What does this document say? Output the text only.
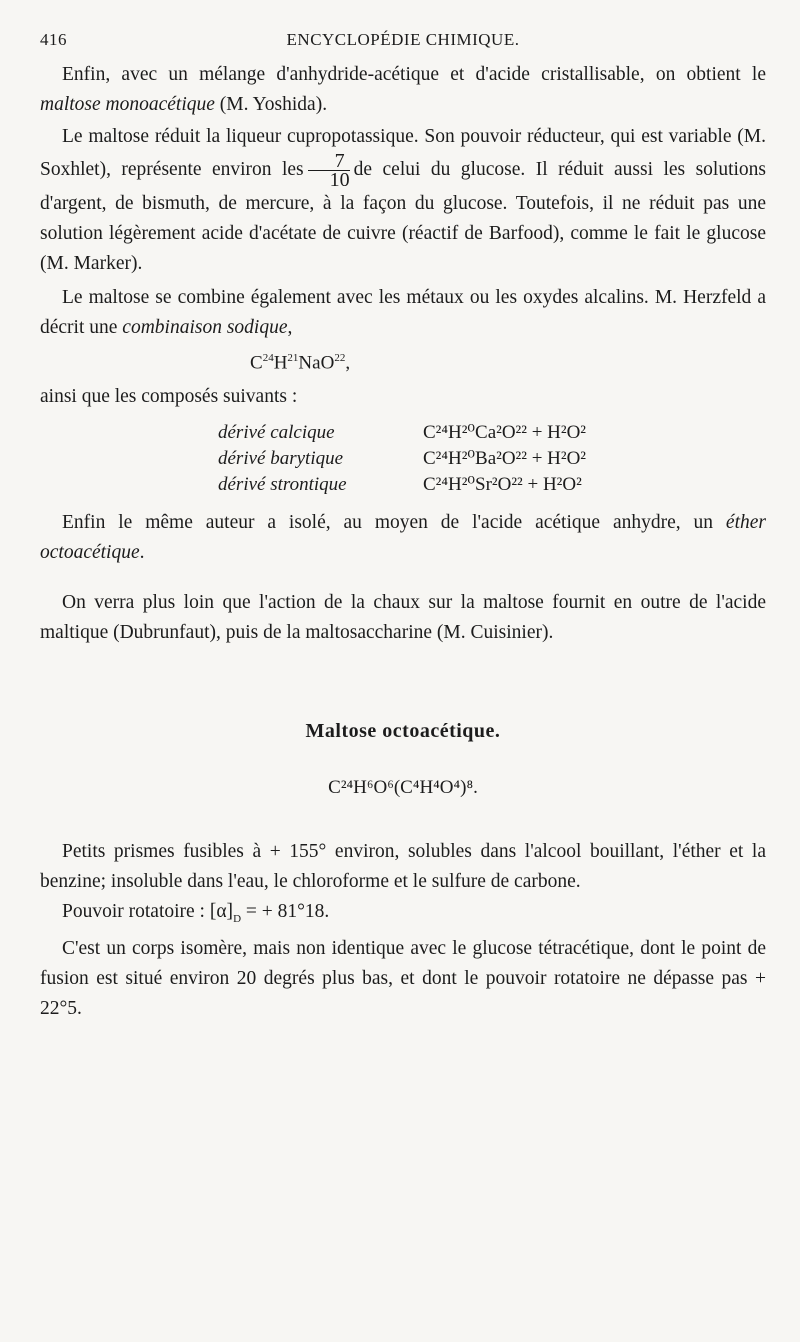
416	ENCYCLOPÉDIE CHIMIQUE.

Enfin, avec un mélange d'anhydride-acétique et d'acide cristallisable, on obtient le maltose monoacétique (M. Yoshida).

Le maltose réduit la liqueur cupropotassique. Son pouvoir réducteur, qui est variable (M. Soxhlet), représente environ les $\frac{7}{10}$ de celui du glucose. Il réduit aussi les solutions d'argent, de bismuth, de mercure, à la façon du glucose. Toutefois, il ne réduit pas une solution légèrement acide d'acétate de cuivre (réactif de Barfood), comme le fait le glucose (M. Marker).

Le maltose se combine également avec les métaux ou les oxydes alcalins. M. Herzfeld a décrit une combinaison sodique,

$C^{24}H^{21}NaO^{22}$,

ainsi que les composés suivants :

dérivé calcique	C²⁴H²⁰Ca²O²² + H²O²
dérivé barytique	C²⁴H²⁰Ba²O²² + H²O²
dérivé strontique	C²⁴H²⁰Sr²O²² + H²O²

Enfin le même auteur a isolé, au moyen de l'acide acétique anhydre, un éther octoacétique.

On verra plus loin que l'action de la chaux sur la maltose fournit en outre de l'acide maltique (Dubrunfaut), puis de la maltosaccharine (M. Cuisinier).

Maltose octoacétique.
C²⁴H⁶O⁶(C⁴H⁴O⁴)⁸.

Petits prismes fusibles à + 155° environ, solubles dans l'alcool bouillant, l'éther et la benzine; insoluble dans l'eau, le chloroforme et le sulfure de carbone.

Pouvoir rotatoire : $[\alpha]_D$ = + 81°18.

C'est un corps isomère, mais non identique avec le glucose tétracétique, dont le point de fusion est situé environ 20 degrés plus bas, et dont le pouvoir rotatoire ne dépasse pas + 22°5.
